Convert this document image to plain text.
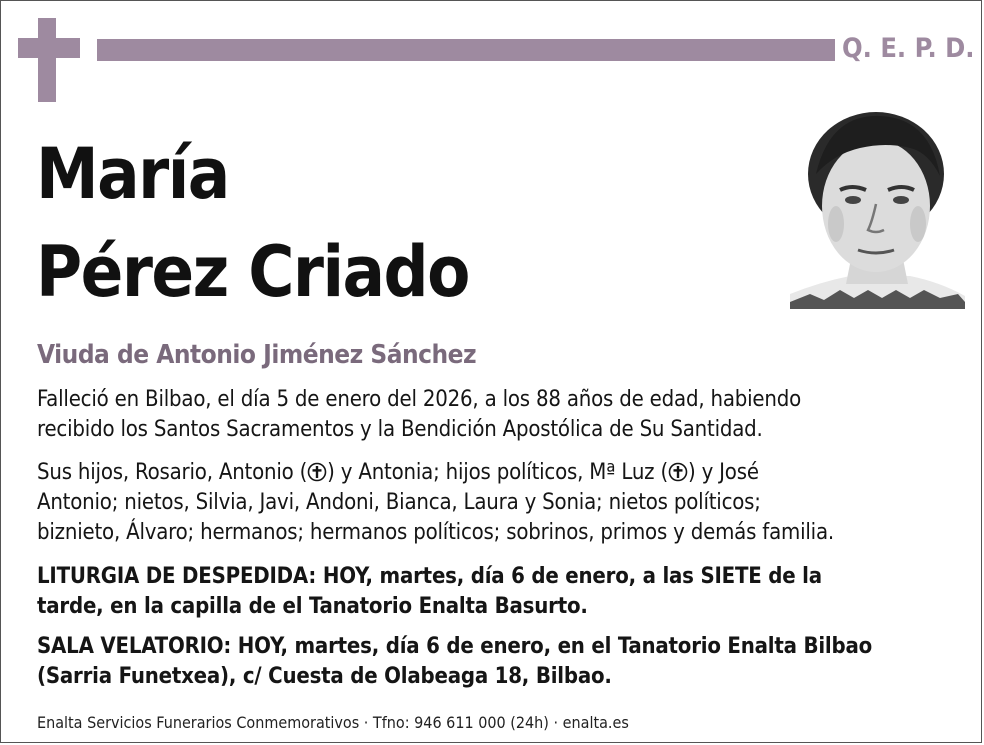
Q. E. P. D.
María
Pérez Criado
Viuda de Antonio Jiménez Sánchez
Falleció en Bilbao, el día 5 de enero del 2026, a los 88 años de edad, habiendo
recibido los Santos Sacramentos y la Bendición Apostólica de Su Santidad.
Sus hijos, Rosario, Antonio ( ) y Antonia; hijos políticos, Mª Luz ( ) y José
Antonio; nietos, Silvia, Javi, Andoni, Bianca, Laura y Sonia; nietos políticos;
biznieto, Álvaro; hermanos; hermanos políticos; sobrinos, primos y demás familia.
LITURGIA DE DESPEDIDA: HOY, martes, día 6 de enero, a las SIETE de la
tarde, en la capilla de el Tanatorio Enalta Basurto.
SALA VELATORIO: HOY, martes, día 6 de enero, en el Tanatorio Enalta Bilbao
(Sarria Funetxea), c/ Cuesta de Olabeaga 18, Bilbao.
Enalta Servicios Funerarios Conmemorativos · Tfno: 946 611 000 (24h) · enalta.es
